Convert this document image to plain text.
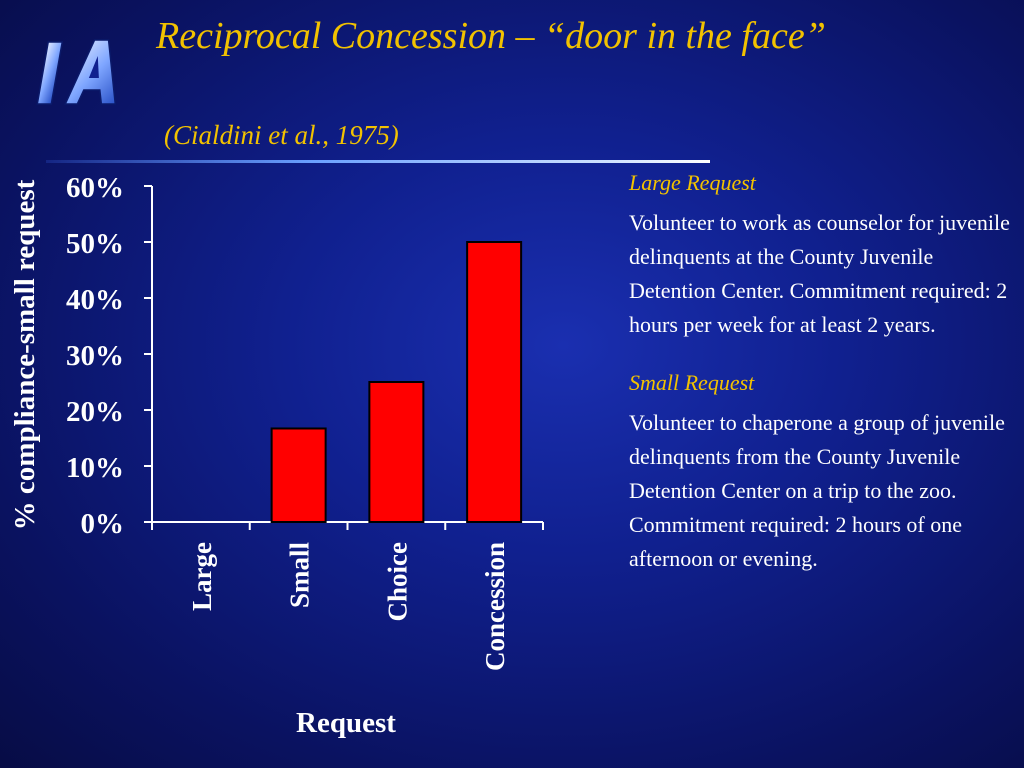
Reciprocal Concession – “door in the face”
(Cialdini et al., 1975)
% compliance-small request
Request
0%
10%
20%
30%
40%
50%
60%
Large	Small	Choice	Concession
Large Request
Volunteer to work as counselor for juvenile delinquents at the County Juvenile Detention Center. Commitment required: 2 hours per week for at least 2 years.
Small Request
Volunteer to chaperone a group of juvenile delinquents from the County Juvenile Detention Center on a trip to the zoo. Commitment required: 2 hours of one afternoon or evening.
